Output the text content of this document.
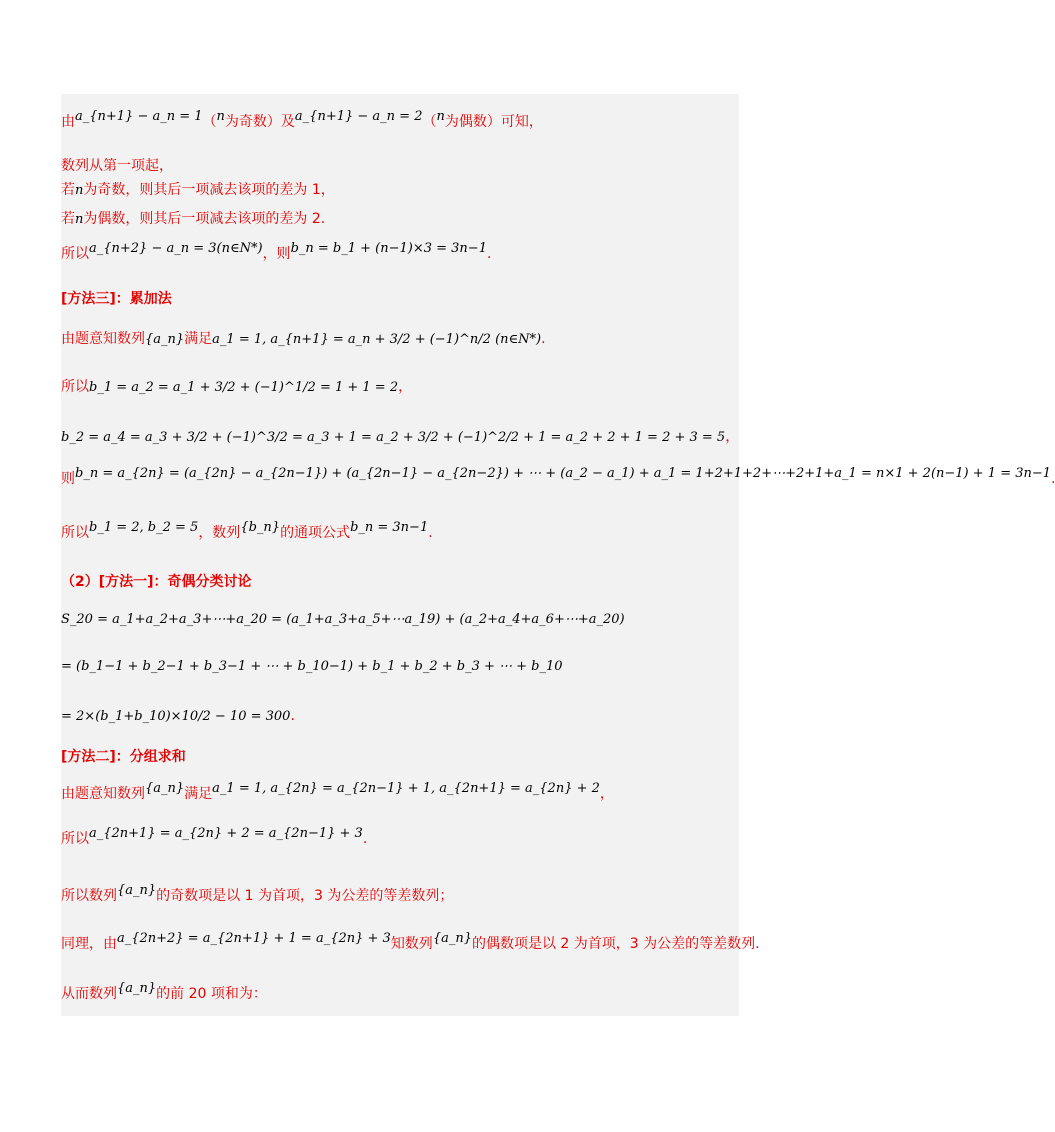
由$^{a\_\{n+1\} - a\_n = 1}$（$^n$为奇数）及$^{a\_\{n+1\} - a\_n = 2}$（$^n$为偶数）可知，
数列从第一项起，
若n为奇数，则其后一项减去该项的差为 1，
若n为偶数，则其后一项减去该项的差为 2.
所以$^{a\_\{n+2\} - a\_n = 3(n\in N*)}$，则$^{b\_n = b\_1 + (n-1)\times 3 = 3n-1}$.
[方法三]：累加法
由题意知数列{a_n}满足a_1 = 1, a_{n+1} = a_n + 3/2 + (−1)^n/2 (n∈N*).
所以b_1 = a_2 = a_1 + 3/2 + (−1)^1/2 = 1 + 1 = 2，
b_2 = a_4 = a_3 + 3/2 + (−1)^3/2 = a_3 + 1 = a_2 + 3/2 + (−1)^2/2 + 1 = a_2 + 2 + 1 = 2 + 3 = 5，
则$^{b\_n = a\_\{2n\} = (a\_\{2n\} - a\_\{2n-1\}) + (a\_\{2n-1\} - a\_\{2n-2\}) + \cdots + (a\_2 - a\_1) + a\_1 = 1+2+1+2+\cdots+2+1+a\_1 = n\times 1 + 2(n-1) + 1 = 3n-1}$
所以$^{b\_1 = 2, b\_2 = 5}$，数列$^{\{b\_n\}}$的通项公式$^{b\_n = 3n-1}$.
（2）[方法一]：奇偶分类讨论
S_20 = a_1+a_2+a_3+⋯+a_20 = (a_1+a_3+a_5+⋯a_19) + (a_2+a_4+a_6+⋯+a_20)
= (b_1−1 + b_2−1 + b_3−1 + ⋯ + b_10−1) + b_1 + b_2 + b_3 + ⋯ + b_10
= 2×(b_1+b_10)×10/2 − 10 = 300.
[方法二]：分组求和
由题意知数列$^{\{a\_n\}}$满足$^{a\_1 = 1, a\_\{2n\} = a\_\{2n-1\} + 1, a\_\{2n+1\} = a\_\{2n\} + 2}$，
所以$^{a\_\{2n+1\} = a\_\{2n\} + 2 = a\_\{2n-1\} + 3}$.
所以数列$^{\{a\_n\}}$的奇数项是以 1 为首项，3 为公差的等差数列；
同理，由$^{a\_\{2n+2\} = a\_\{2n+1\} + 1 = a\_\{2n\} + 3}$知数列$^{\{a\_n\}}$的偶数项是以 2 为首项，3 为公差的等差数列.
从而数列$^{\{a\_n\}}$的前 20 项和为：
